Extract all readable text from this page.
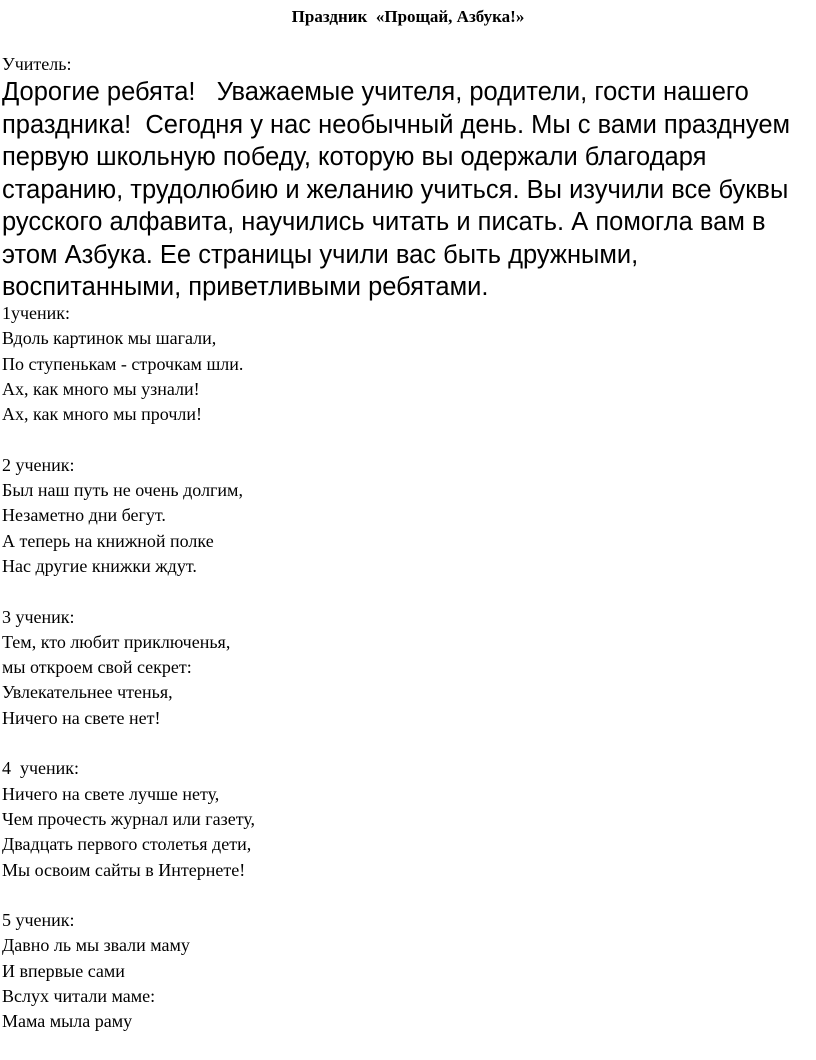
Праздник  «Прощай, Азбука!»
Учитель:
Дорогие ребята!   Уважаемые учителя, родители, гости нашего
праздника!  Сегодня у нас необычный день. Мы с вами празднуем
первую школьную победу, которую вы одержали благодаря
старанию, трудолюбию и желанию учиться. Вы изучили все буквы
русского алфавита, научились читать и писать. А помогла вам в
этом Азбука. Ее страницы учили вас быть дружными,
воспитанными, приветливыми ребятами.
1ученик:
Вдоль картинок мы шагали,
По ступенькам - строчкам шли.
Ах, как много мы узнали!
Ах, как много мы прочли!
2 ученик:
Был наш путь не очень долгим,
Незаметно дни бегут.
А теперь на книжной полке
Нас другие книжки ждут.
3 ученик:
Тем, кто любит приключенья,
мы откроем свой секрет:
Увлекательнее чтенья,
Ничего на свете нет!
4  ученик:
Ничего на свете лучше нету,
Чем прочесть журнал или газету,
Двадцать первого столетья дети,
Мы освоим сайты в Интернете!
5 ученик:
Давно ль мы звали маму
И впервые сами
Вслух читали маме:
Мама мыла раму
